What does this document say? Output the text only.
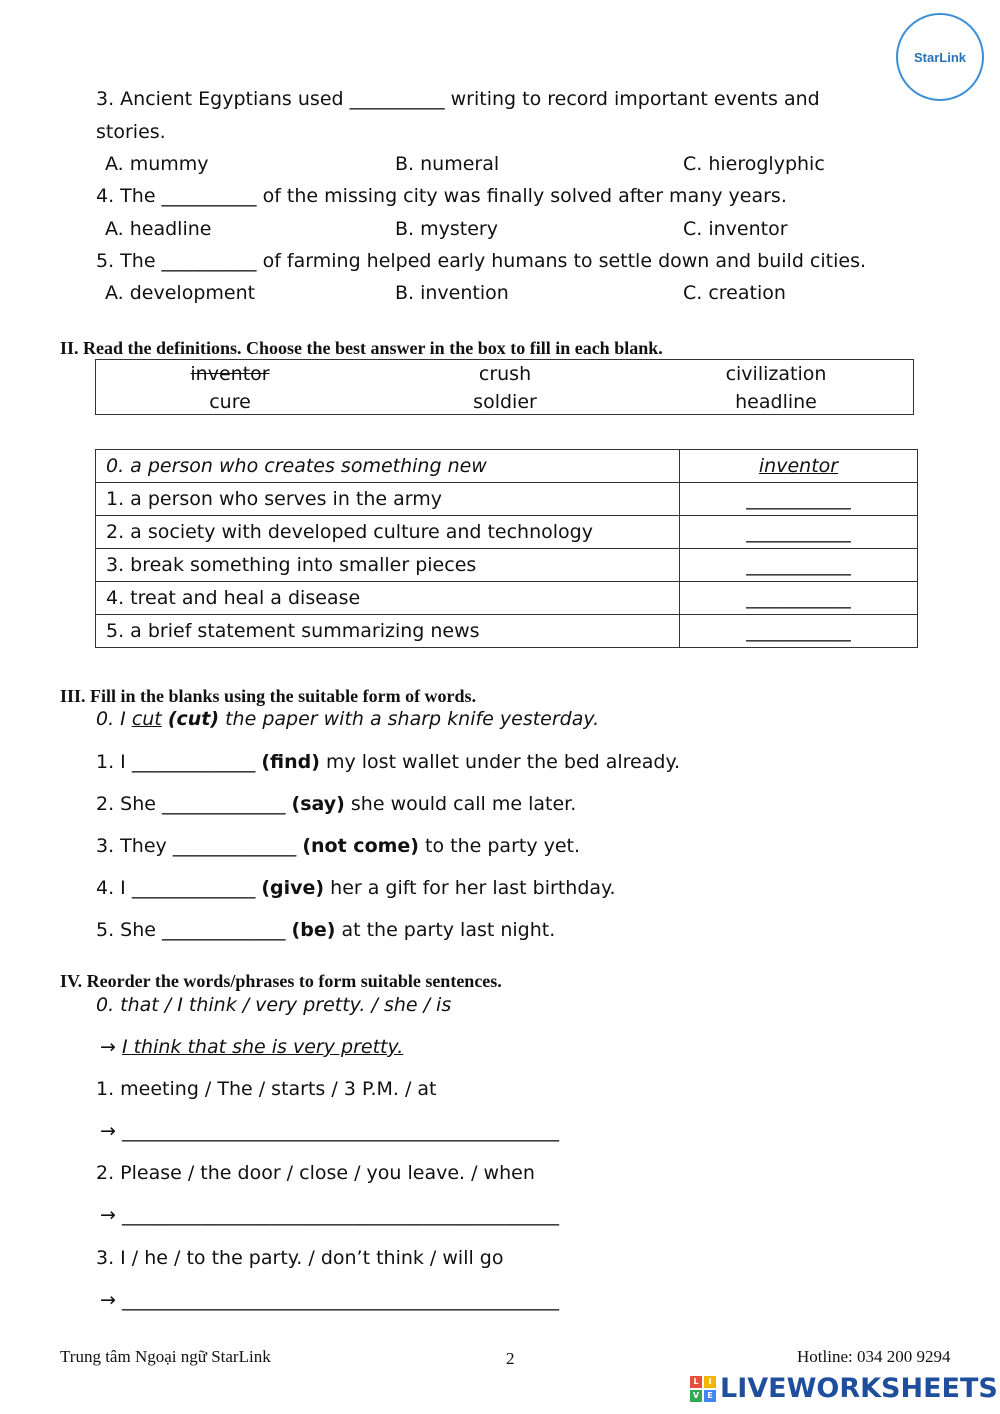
StarLink
3. Ancient Egyptians used __________ writing to record important events and
stories.
A. mummy	B. numeral	C. hieroglyphic
4. The __________ of the missing city was finally solved after many years.
A. headline	B. mystery	C. inventor
5. The __________ of farming helped early humans to settle down and build cities.
A. development	B. invention	C. creation
II. Read the definitions. Choose the best answer in the box to fill in each blank.
inventor	crush	civilization
cure	soldier	headline
0. a person who creates something new	inventor
1. a person who serves in the army	___________
2. a society with developed culture and technology	___________
3. break something into smaller pieces	___________
4. treat and heal a disease	___________
5. a brief statement summarizing news	___________
III. Fill in the blanks using the suitable form of words.
0. I cut (cut) the paper with a sharp knife yesterday.
1. I _____________ (find) my lost wallet under the bed already.
2. She _____________ (say) she would call me later.
3. They _____________ (not come) to the party yet.
4. I _____________ (give) her a gift for her last birthday.
5. She _____________ (be) at the party last night.
IV. Reorder the words/phrases to form suitable sentences.
0. that / I think / very pretty. / she / is
→ I think that she is very pretty.
1. meeting / The / starts / 3 P.M. / at
→ ______________________________________________
2. Please / the door / close / you leave. / when
→ ______________________________________________
3. I / he / to the party. / don’t think / will go
→ ______________________________________________
Trung tâm Ngoại ngữ StarLink	2	Hotline: 034 200 9294
L	I
V	E LIVEWORKSHEETS
